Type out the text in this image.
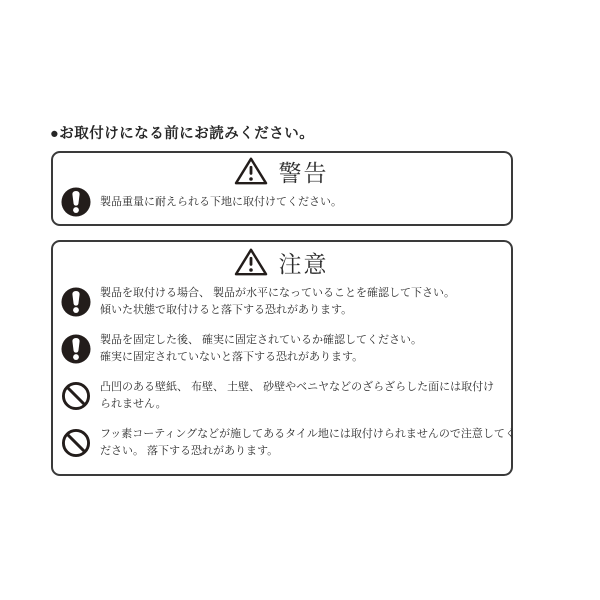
●お取付けになる前にお読みください。
警告
製品重量に耐えられる下地に取付けてください。
注意
製品を取付ける場合、 製品が水平になっていることを確認して下さい。
傾いた状態で取付けると落下する恐れがあります。
製品を固定した後、 確実に固定されているか確認してください。
確実に固定されていないと落下する恐れがあります。
凸凹のある壁紙、 布壁、 土壁、 砂壁やベニヤなどのざらざらした面には取付け
られません。
フッ素コーティングなどが施してあるタイル地には取付けられませんので注意してく
ださい。 落下する恐れがあります。
